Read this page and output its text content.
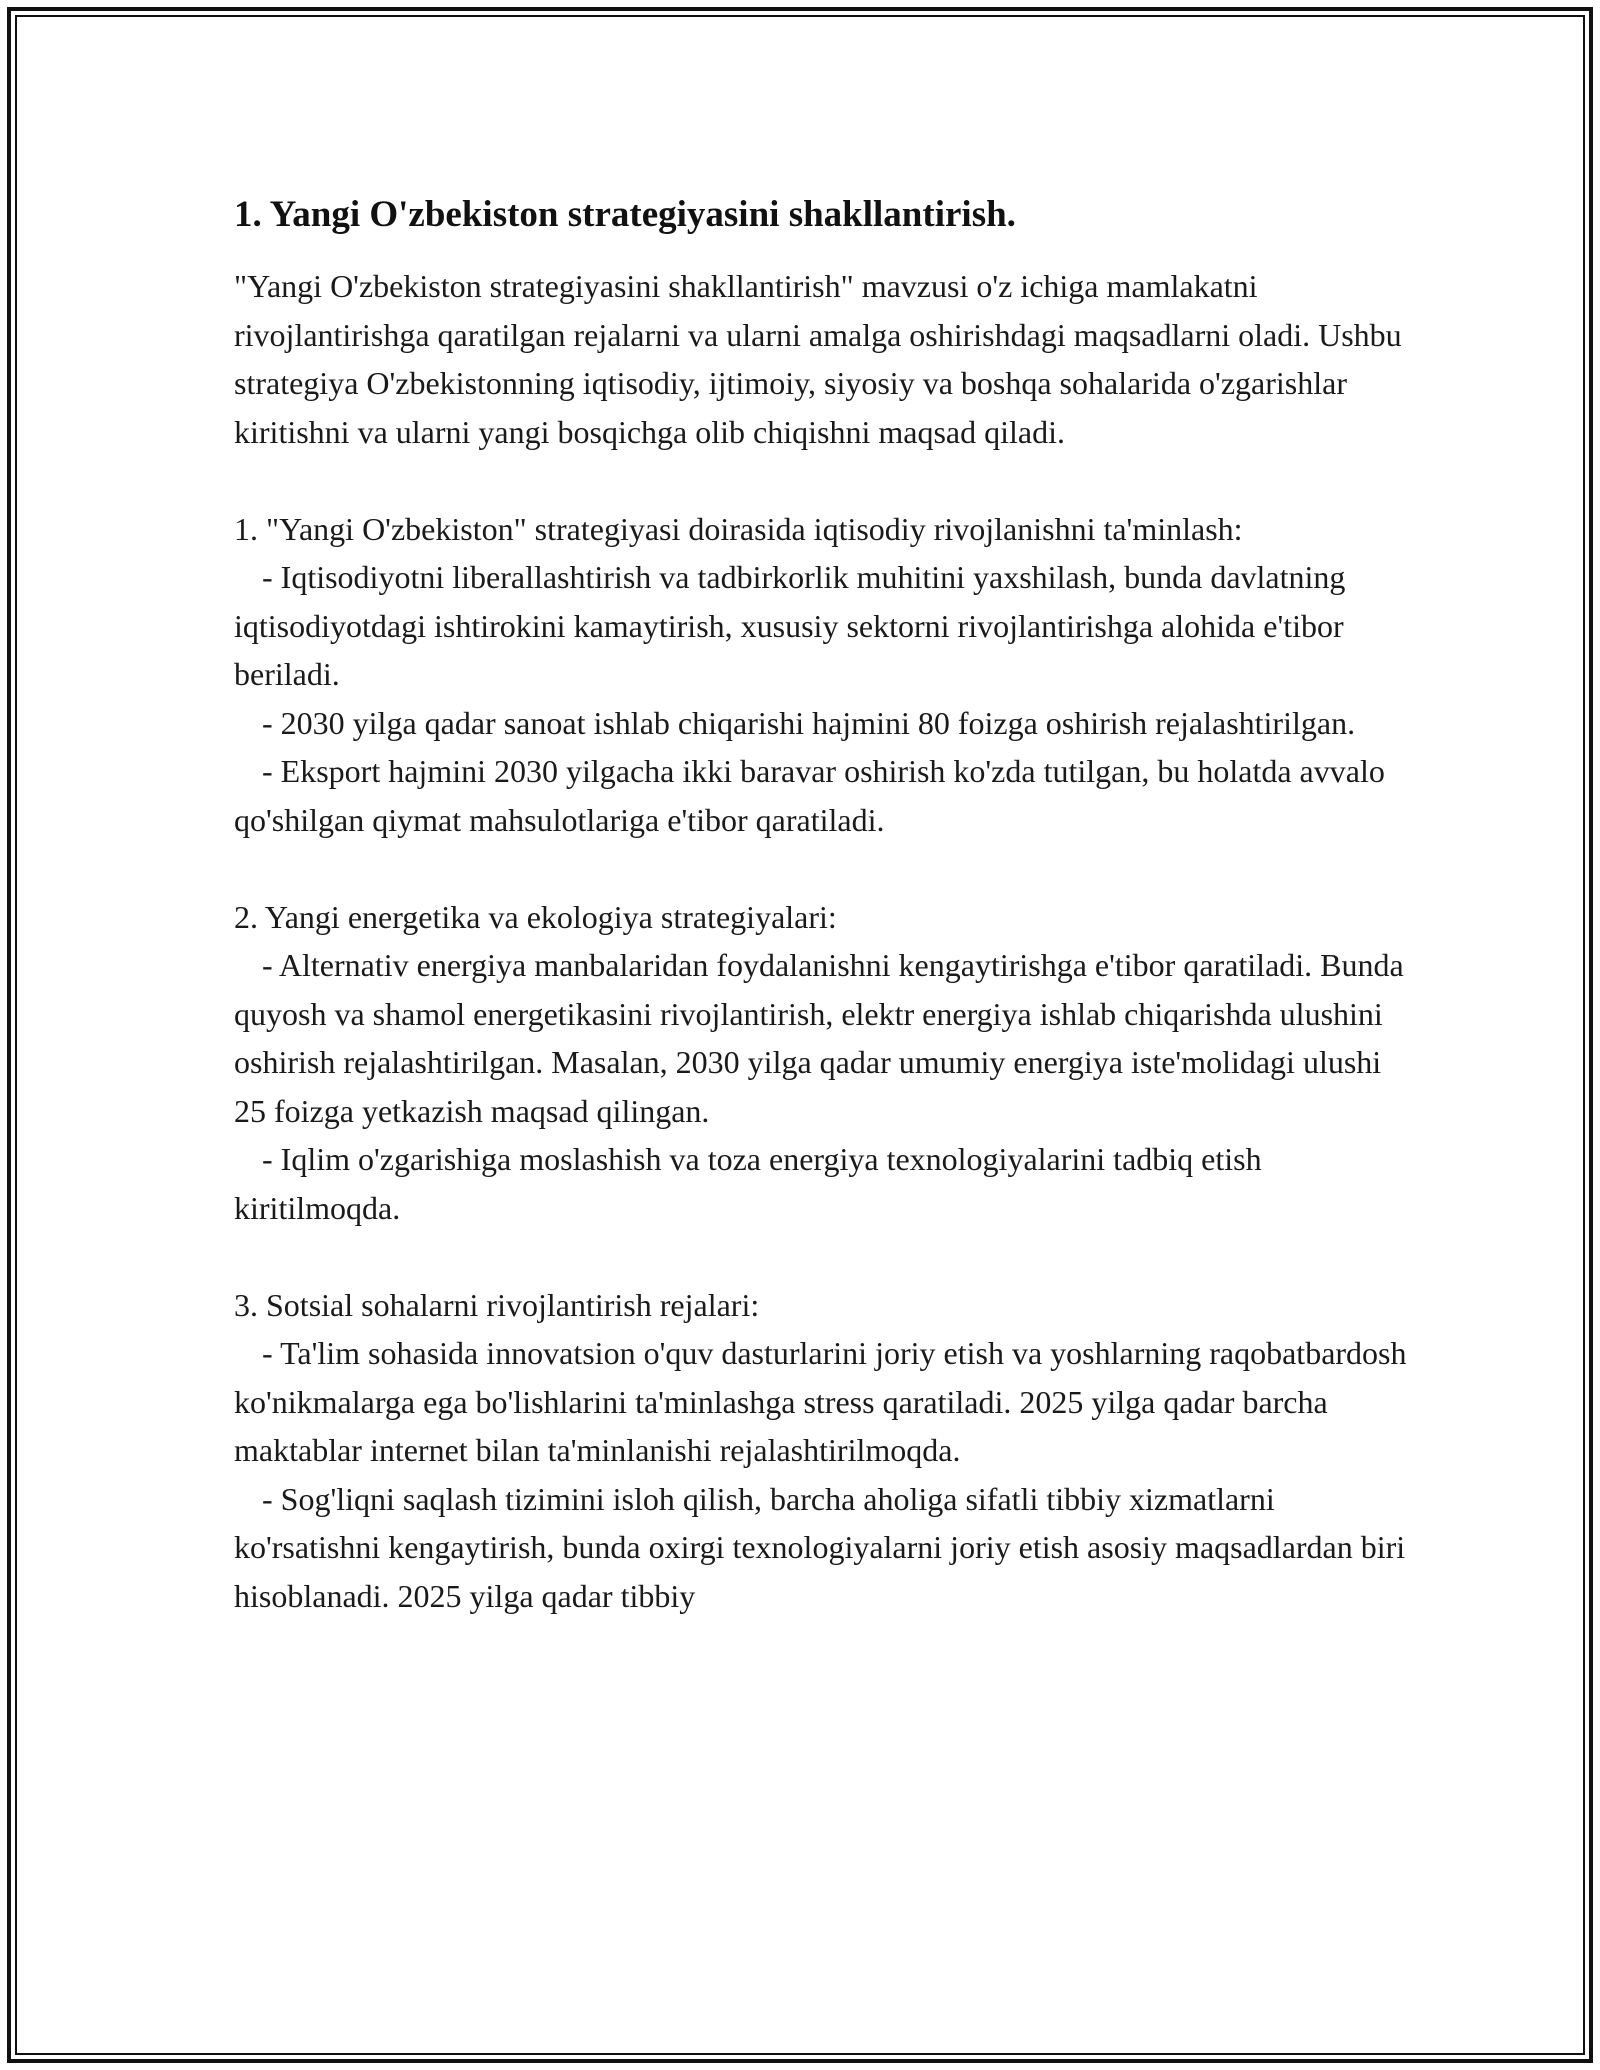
1. Yangi O'zbekiston strategiyasini shakllantirish.

"Yangi O'zbekiston strategiyasini shakllantirish" mavzusi o'z ichiga mamlakatni rivojlantirishga qaratilgan rejalarni va ularni amalga oshirishdagi maqsadlarni oladi. Ushbu strategiya O'zbekistonning iqtisodiy, ijtimoiy, siyosiy va boshqa sohalarida o'zgarishlar kiritishni va ularni yangi bosqichga olib chiqishni maqsad qiladi.

1. "Yangi O'zbekiston" strategiyasi doirasida iqtisodiy rivojlanishni ta'minlash:

- Iqtisodiyotni liberallashtirish va tadbirkorlik muhitini yaxshilash, bunda davlatning iqtisodiyotdagi ishtirokini kamaytirish, xususiy sektorni rivojlantirishga alohida e'tibor beriladi.

- 2030 yilga qadar sanoat ishlab chiqarishi hajmini 80 foizga oshirish rejalashtirilgan.

- Eksport hajmini 2030 yilgacha ikki baravar oshirish ko'zda tutilgan, bu holatda avvalo qo'shilgan qiymat mahsulotlariga e'tibor qaratiladi.

2. Yangi energetika va ekologiya strategiyalari:

- Alternativ energiya manbalaridan foydalanishni kengaytirishga e'tibor qaratiladi. Bunda quyosh va shamol energetikasini rivojlantirish, elektr energiya ishlab chiqarishda ulushini oshirish rejalashtirilgan. Masalan, 2030 yilga qadar umumiy energiya iste'molidagi ulushi 25 foizga yetkazish maqsad qilingan.

- Iqlim o'zgarishiga moslashish va toza energiya texnologiyalarini tadbiq etish kiritilmoqda.

3. Sotsial sohalarni rivojlantirish rejalari:

- Ta'lim sohasida innovatsion o'quv dasturlarini joriy etish va yoshlarning raqobatbardosh ko'nikmalarga ega bo'lishlarini ta'minlashga stress qaratiladi. 2025 yilga qadar barcha maktablar internet bilan ta'minlanishi rejalashtirilmoqda.

- Sog'liqni saqlash tizimini isloh qilish, barcha aholiga sifatli tibbiy xizmatlarni ko'rsatishni kengaytirish, bunda oxirgi texnologiyalarni joriy etish asosiy maqsadlardan biri hisoblanadi. 2025 yilga qadar tibbiy
